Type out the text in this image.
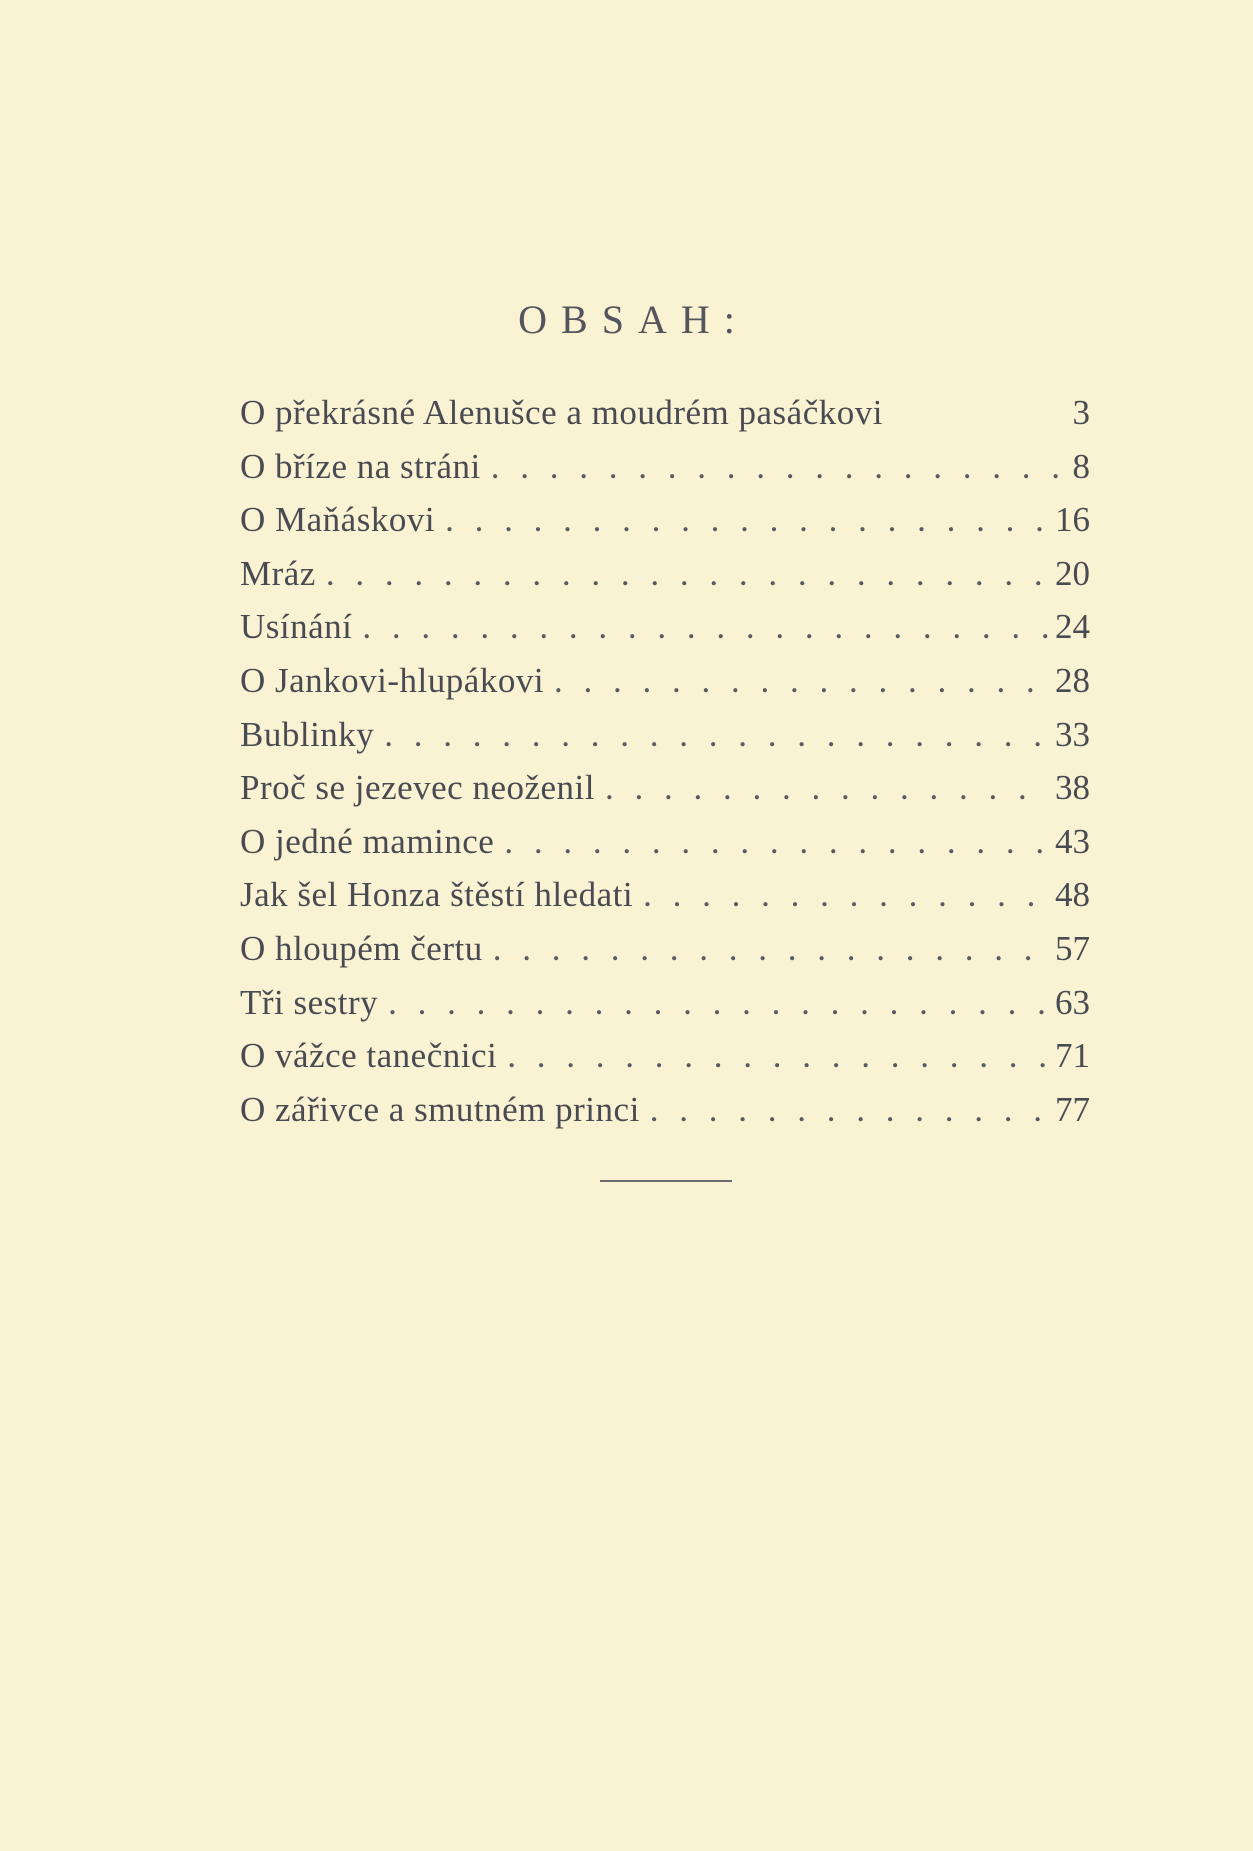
OBSAH:
O překrásné Alenušce a moudrém pasáčkovi	3
O bříze na stráni . . .	8
O Maňáskovi . . .	16
Mráz . . .	20
Usínání . . .	24
O Jankovi-hlupákovi . . .	28
Bublinky . . .	33
Proč se jezevec neoženil . . .	38
O jedné mamince . . .	43
Jak šel Honza štěstí hledati . . .	48
O hloupém čertu . . .	57
Tři sestry . . .	63
O vážce tanečnici . . .	71
O zářivce a smutném princi . . .	77
